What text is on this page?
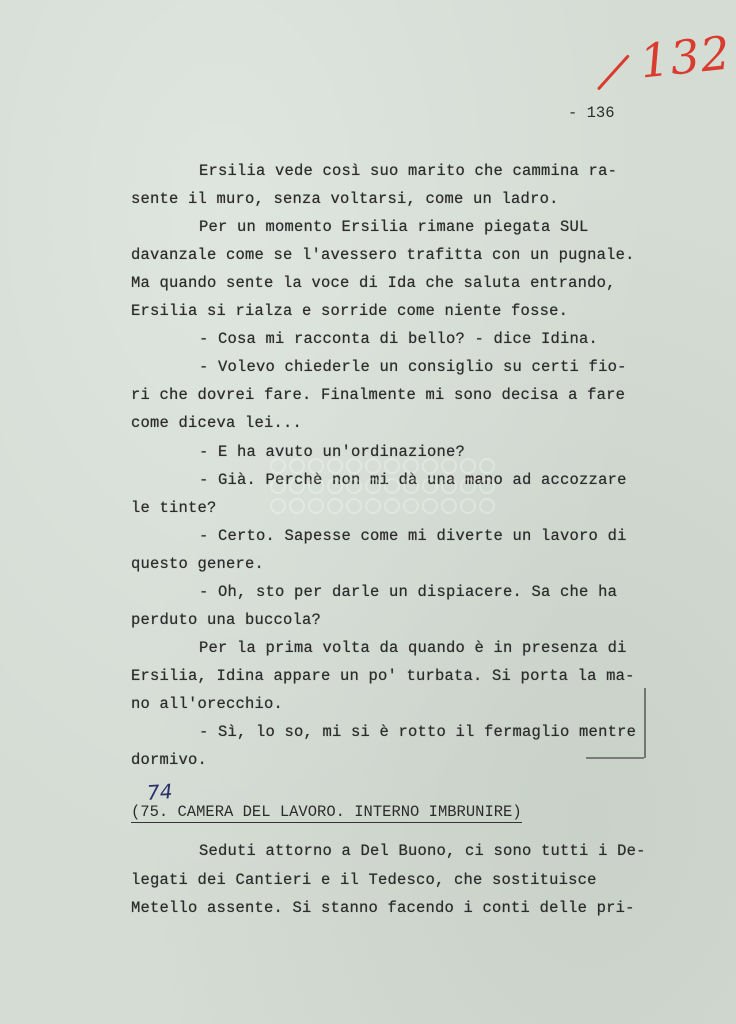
132
- 136
Ersilia vede così suo marito che cammina ra-
sente il muro, senza voltarsi, come un ladro.
Per un momento Ersilia rimane piegata SUL
davanzale come se l'avessero trafitta con un pugnale.
Ma quando sente la voce di Ida che saluta entrando,
Ersilia si rialza e sorride come niente fosse.
- Cosa mi racconta di bello? - dice Idina.
- Volevo chiederle un consiglio su certi fio-
ri che dovrei fare. Finalmente mi sono decisa a fare
come diceva lei...
- E ha avuto un'ordinazione?
- Già. Perchè non mi dà una mano ad accozzare
le tinte?
- Certo. Sapesse come mi diverte un lavoro di
questo genere.
- Oh, sto per darle un dispiacere. Sa che ha
perduto una buccola?
Per la prima volta da quando è in presenza di
Ersilia, Idina appare un po' turbata. Si porta la ma-
no all'orecchio.
- Sì, lo so, mi si è rotto il fermaglio mentre
dormivo.
74
(75. CAMERA DEL LAVORO. INTERNO IMBRUNIRE)
Seduti attorno a Del Buono, ci sono tutti i De-
legati dei Cantieri e il Tedesco, che sostituisce
Metello assente. Si stanno facendo i conti delle pri-
